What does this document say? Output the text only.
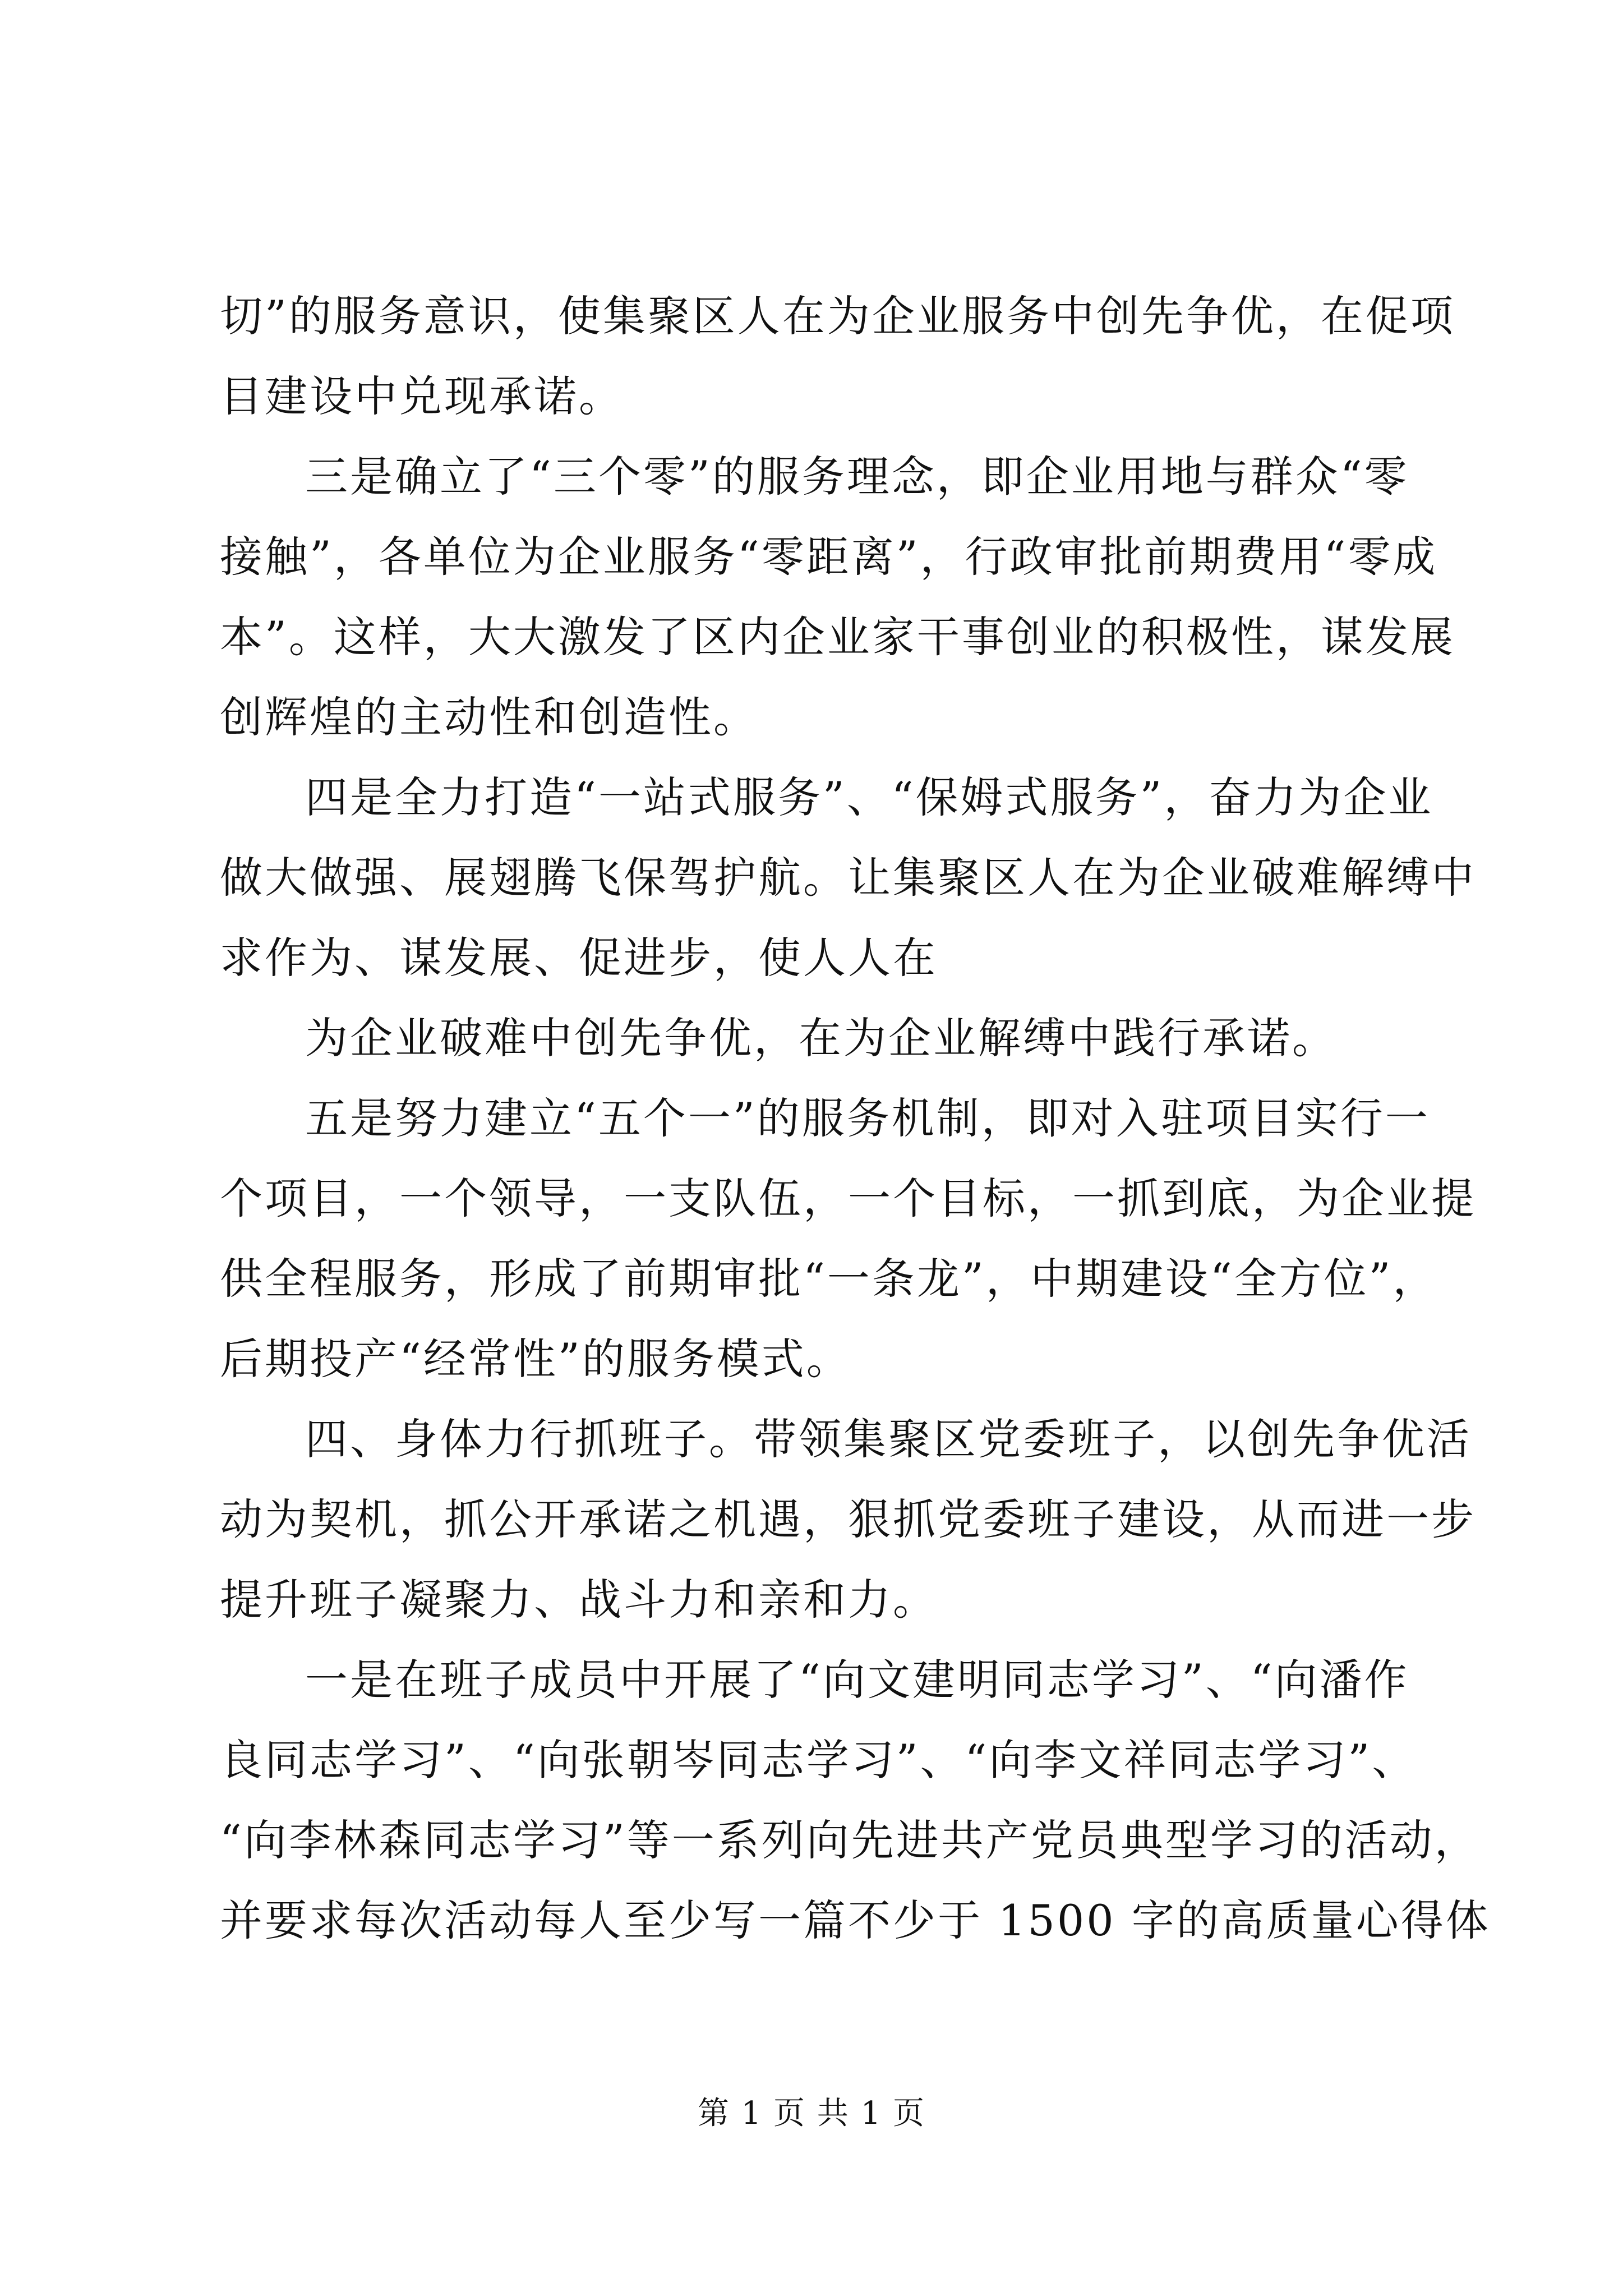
切”的服务意识，使集聚区人在为企业服务中创先争优，在促项
目建设中兑现承诺。
三是确立了“三个零”的服务理念，即企业用地与群众“零
接触”，各单位为企业服务“零距离”，行政审批前期费用“零成
本”。这样，大大激发了区内企业家干事创业的积极性，谋发展
创辉煌的主动性和创造性。
四是全力打造“一站式服务”、“保姆式服务”，奋力为企业
做大做强、展翅腾飞保驾护航。让集聚区人在为企业破难解缚中
求作为、谋发展、促进步，使人人在
为企业破难中创先争优，在为企业解缚中践行承诺。
五是努力建立“五个一”的服务机制，即对入驻项目实行一
个项目，一个领导，一支队伍，一个目标，一抓到底，为企业提
供全程服务，形成了前期审批“一条龙”，中期建设“全方位”，
后期投产“经常性”的服务模式。
四、身体力行抓班子。带领集聚区党委班子，以创先争优活
动为契机，抓公开承诺之机遇，狠抓党委班子建设，从而进一步
提升班子凝聚力、战斗力和亲和力。
一是在班子成员中开展了“向文建明同志学习”、“向潘作
良同志学习”、“向张朝岑同志学习”、“向李文祥同志学习”、
“向李林森同志学习”等一系列向先进共产党员典型学习的活动，
并要求每次活动每人至少写一篇不少于 1500 字的高质量心得体
第 1 页 共 1 页
